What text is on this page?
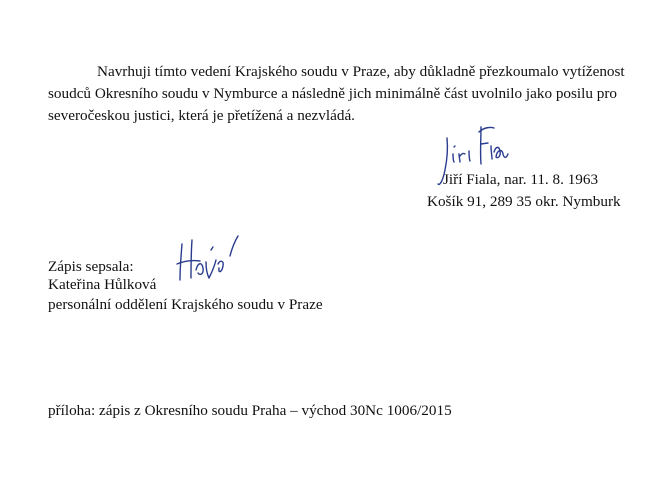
Navrhuji tímto vedení Krajského soudu v Praze, aby důkladně přezkoumalo vytíženost
soudců Okresního soudu v Nymburce a následně jich minimálně část uvolnilo jako posilu pro
severočeskou justici, která je přetížená a nezvládá.
Jiří Fiala, nar. 11. 8. 1963
Košík 91, 289 35 okr. Nymburk
Zápis sepsala:
Kateřina Hůlková
personální oddělení Krajského soudu v Praze
příloha: zápis z Okresního soudu Praha – východ 30Nc 1006/2015
